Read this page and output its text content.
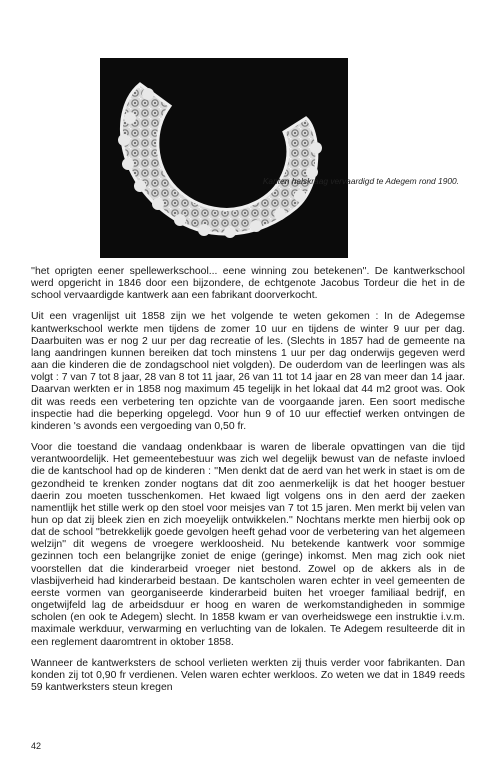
Kanten halskraag vervaardigd te Adegem rond 1900.

''het oprigten eener spellewerkschool... eene winning zou betekenen''. De kantwerkschool werd opgericht in 1846 door een bijzondere, de echtgenote Jacobus Tordeur die het in de school vervaardigde kantwerk aan een fabrikant doorverkocht.

Uit een vragenlijst uit 1858 zijn we het volgende te weten gekomen : In de Adegemse kantwerkschool werkte men tijdens de zomer 10 uur en tijdens de winter 9 uur per dag. Daarbuiten was er nog 2 uur per dag recreatie of les. (Slechts in 1857 had de gemeente na lang aandringen kunnen bereiken dat toch minstens 1 uur per dag onderwijs gegeven werd aan die kinderen die de zondagschool niet volgden). De ouderdom van de leerlingen was als volgt : 7 van 7 tot 8 jaar, 28 van 8 tot 11 jaar, 26 van 11 tot 14 jaar en 28 van meer dan 14 jaar. Daarvan werkten er in 1858 nog maximum 45 tegelijk in het lokaal dat 44 m2 groot was. Ook dit was reeds een verbetering ten opzichte van de voorgaande jaren. Een soort medische inspectie had die beperking opgelegd. Voor hun 9 of 10 uur effectief werken ontvingen de kinderen 's avonds een vergoeding van 0,50 fr.

Voor die toestand die vandaag ondenkbaar is waren de liberale opvattingen van die tijd verantwoordelijk. Het gemeentebestuur was zich wel degelijk bewust van de nefaste invloed die de kantschool had op de kinderen : ''Men denkt dat de aerd van het werk in staet is om de gezondheid te krenken zonder nogtans dat dit zoo aenmerkelijk is dat het hooger bestuer daerin zou moeten tusschenkomen. Het kwaed ligt volgens ons in den aerd der zaeken namentlijk het stille werk op den stoel voor meisjes van 7 tot 15 jaren. Men merkt bij velen van hun op dat zij bleek zien en zich moeyelijk ontwikkelen.'' Nochtans merkte men hierbij ook op dat de school ''betrekkelijk goede gevolgen heeft gehad voor de verbetering van het algemeen welzijn'' dit wegens de vroegere werkloosheid. Nu betekende kantwerk voor sommige gezinnen toch een belangrijke zoniet de enige (geringe) inkomst. Men mag zich ook niet voorstellen dat die kinderarbeid vroeger niet bestond. Zowel op de akkers als in de vlasbijverheid had kinderarbeid bestaan. De kantscholen waren echter in veel gemeenten de eerste vormen van georganiseerde kinderarbeid buiten het vroeger familiaal bedrijf, en ongetwijfeld lag de arbeidsduur er hoog en waren de werkomstandigheden in sommige scholen (en ook te Adegem) slecht. In 1858 kwam er van overheidswege een instruktie i.v.m. maximale werkduur, verwarming en verluchting van de lokalen. Te Adegem resulteerde dit in een reglement daaromtrent in oktober 1858.

Wanneer de kantwerksters de school verlieten werkten zij thuis verder voor fabrikanten. Dan konden zij tot 0,90 fr verdienen. Velen waren echter werkloos. Zo weten we dat in 1849 reeds 59 kantwerksters steun kregen

42
